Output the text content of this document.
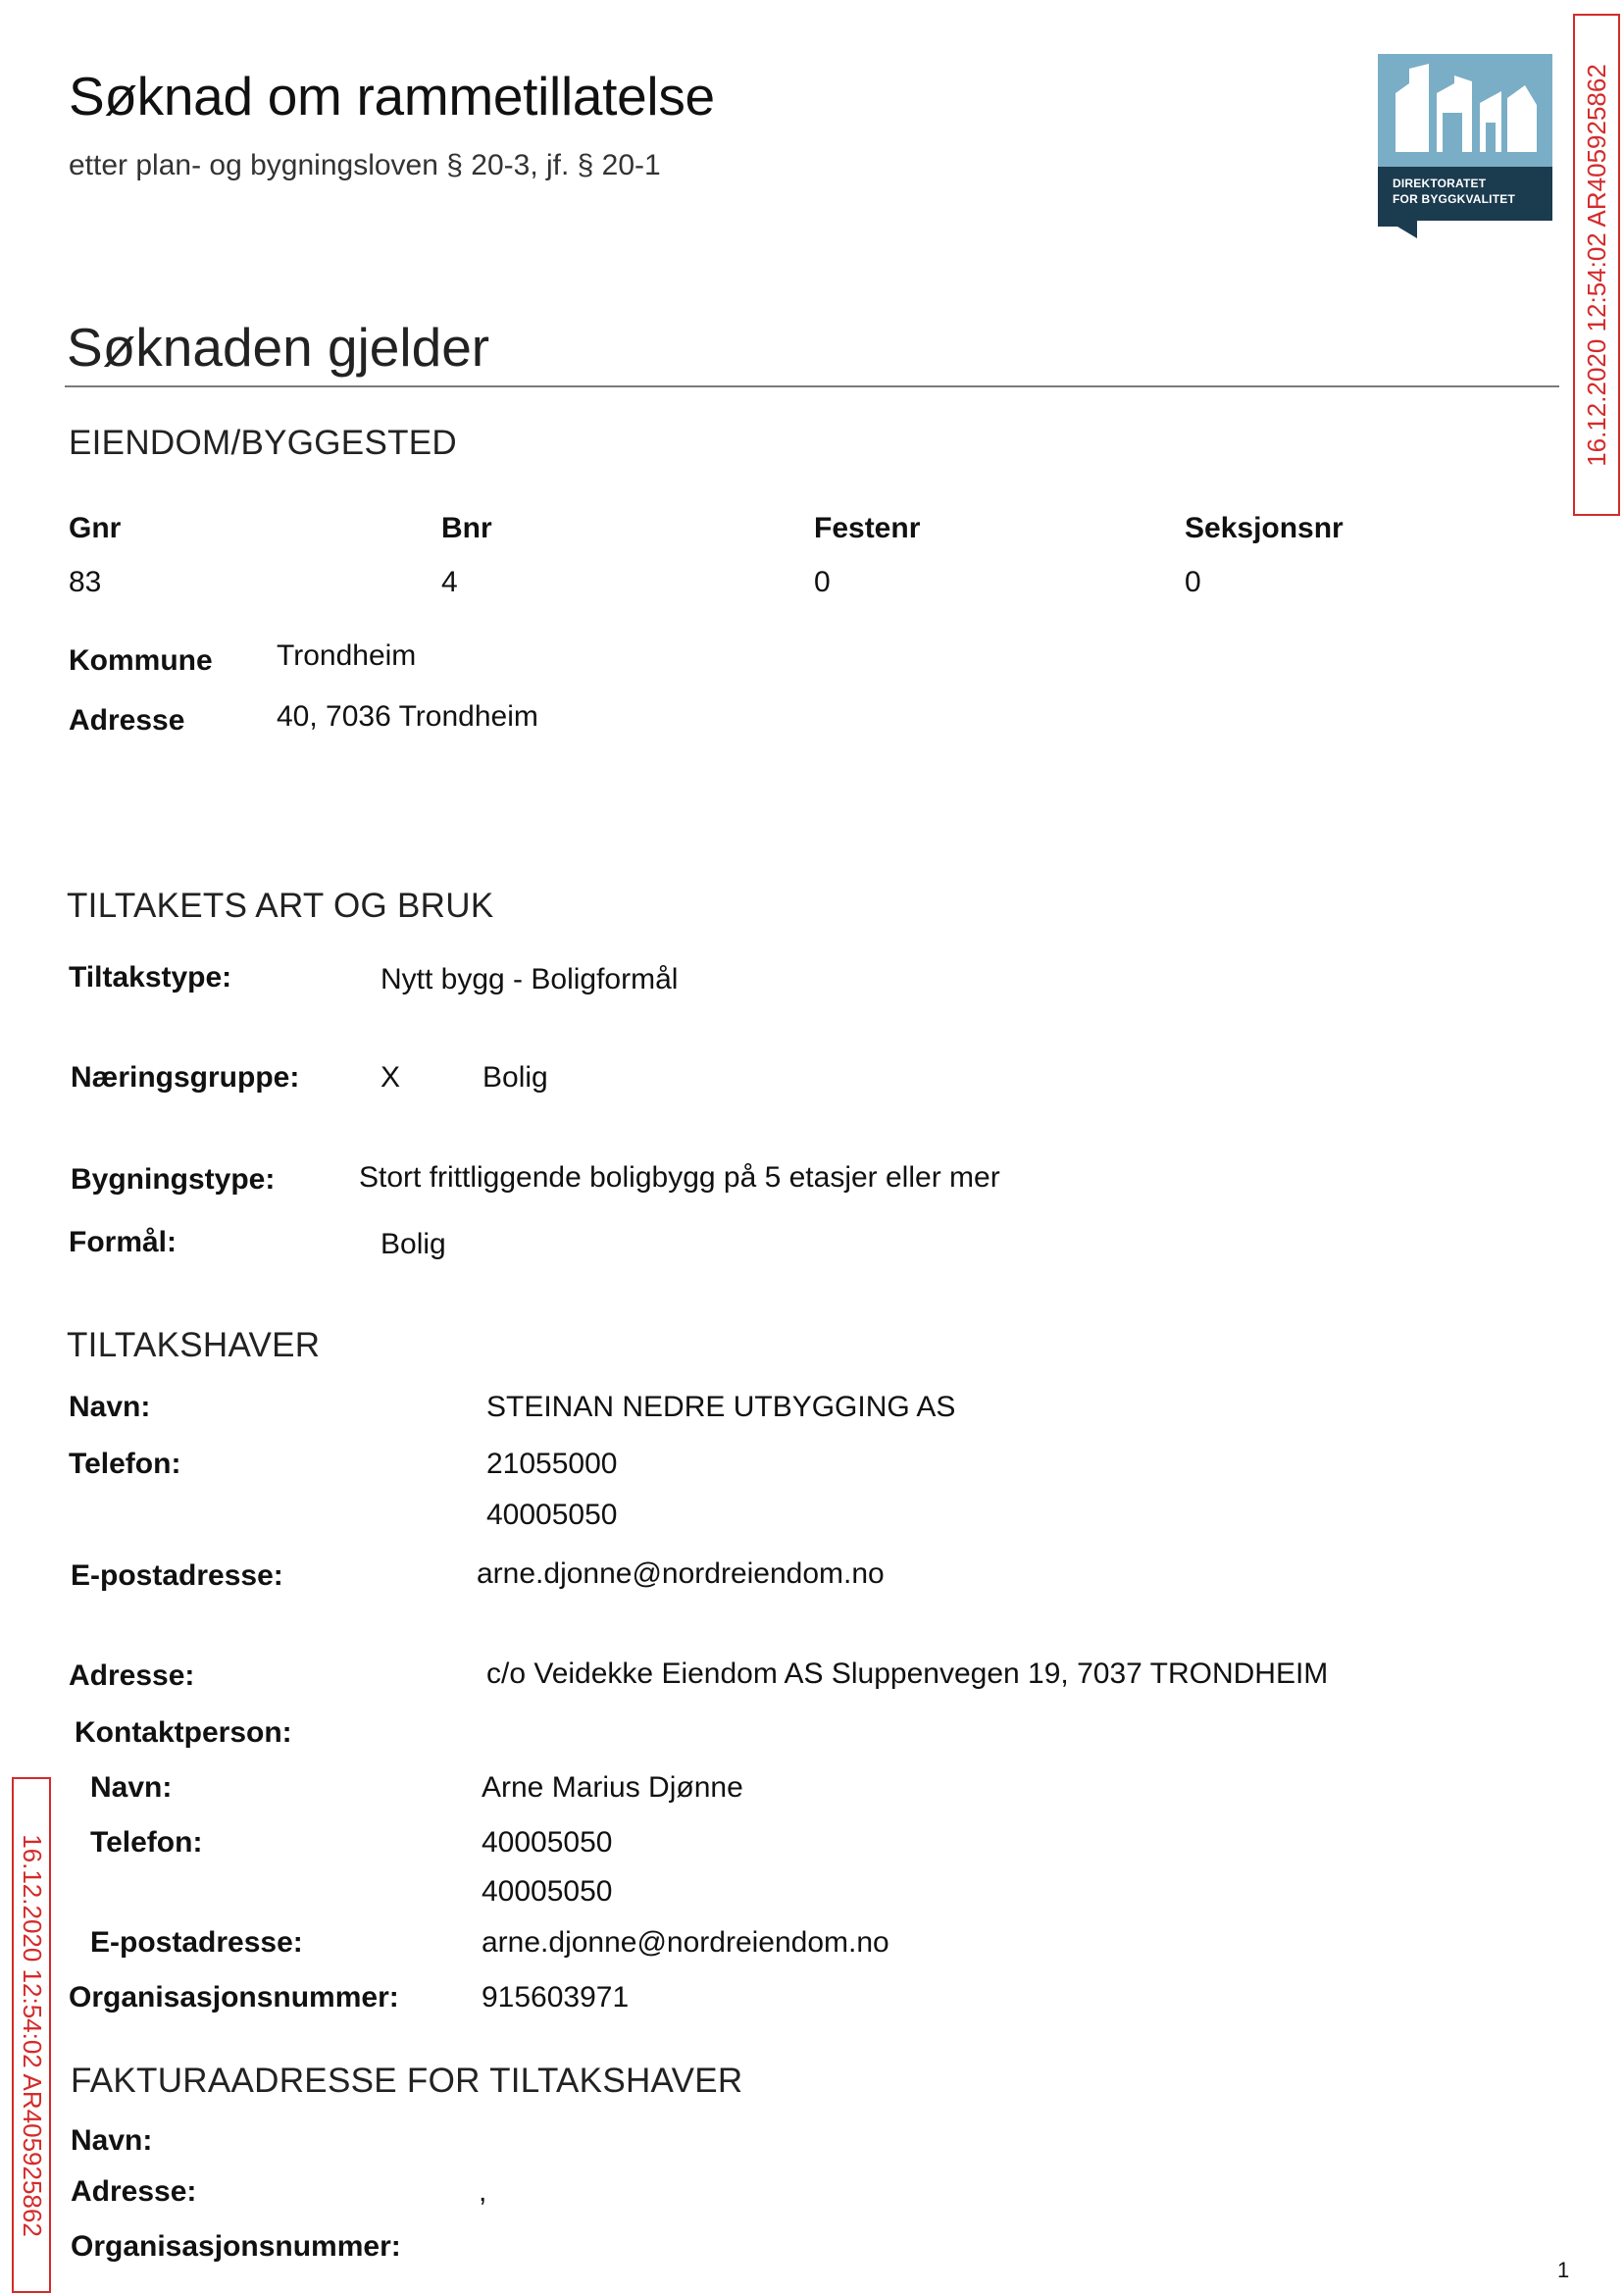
Søknad om rammetillatelse
etter plan- og bygningsloven § 20-3, jf. § 20-1
DIREKTORATET
FOR BYGGKVALITET	16.12.2020 12:54:02 AR405925862
16.12.2020 12:54:02 AR405925862
Søknaden gjelder
EIENDOM/BYGGESTED
Gnr	Bnr	Festenr	Seksjonsnr
83	4	0	0
Kommune Trondheim
Adresse	40, 7036 Trondheim
TILTAKETS ART OG BRUK
Tiltakstype:	Nytt bygg - Boligformål
Næringsgruppe:	X	Bolig
Bygningstype:	Stort frittliggende boligbygg på 5 etasjer eller mer
Formål:	Bolig
TILTAKSHAVER
Navn:	STEINAN NEDRE UTBYGGING AS
Telefon:	21055000
40005050
E-postadresse:	arne.djonne@nordreiendom.no
Adresse:	c/o Veidekke Eiendom AS Sluppenvegen 19, 7037 TRONDHEIM
Kontaktperson:
Navn:	Arne Marius Djønne
Telefon:	40005050
40005050
E-postadresse:	arne.djonne@nordreiendom.no
Organisasjonsnummer:	915603971
FAKTURAADRESSE FOR TILTAKSHAVER
Navn:
Adresse:	,
Organisasjonsnummer:
1
